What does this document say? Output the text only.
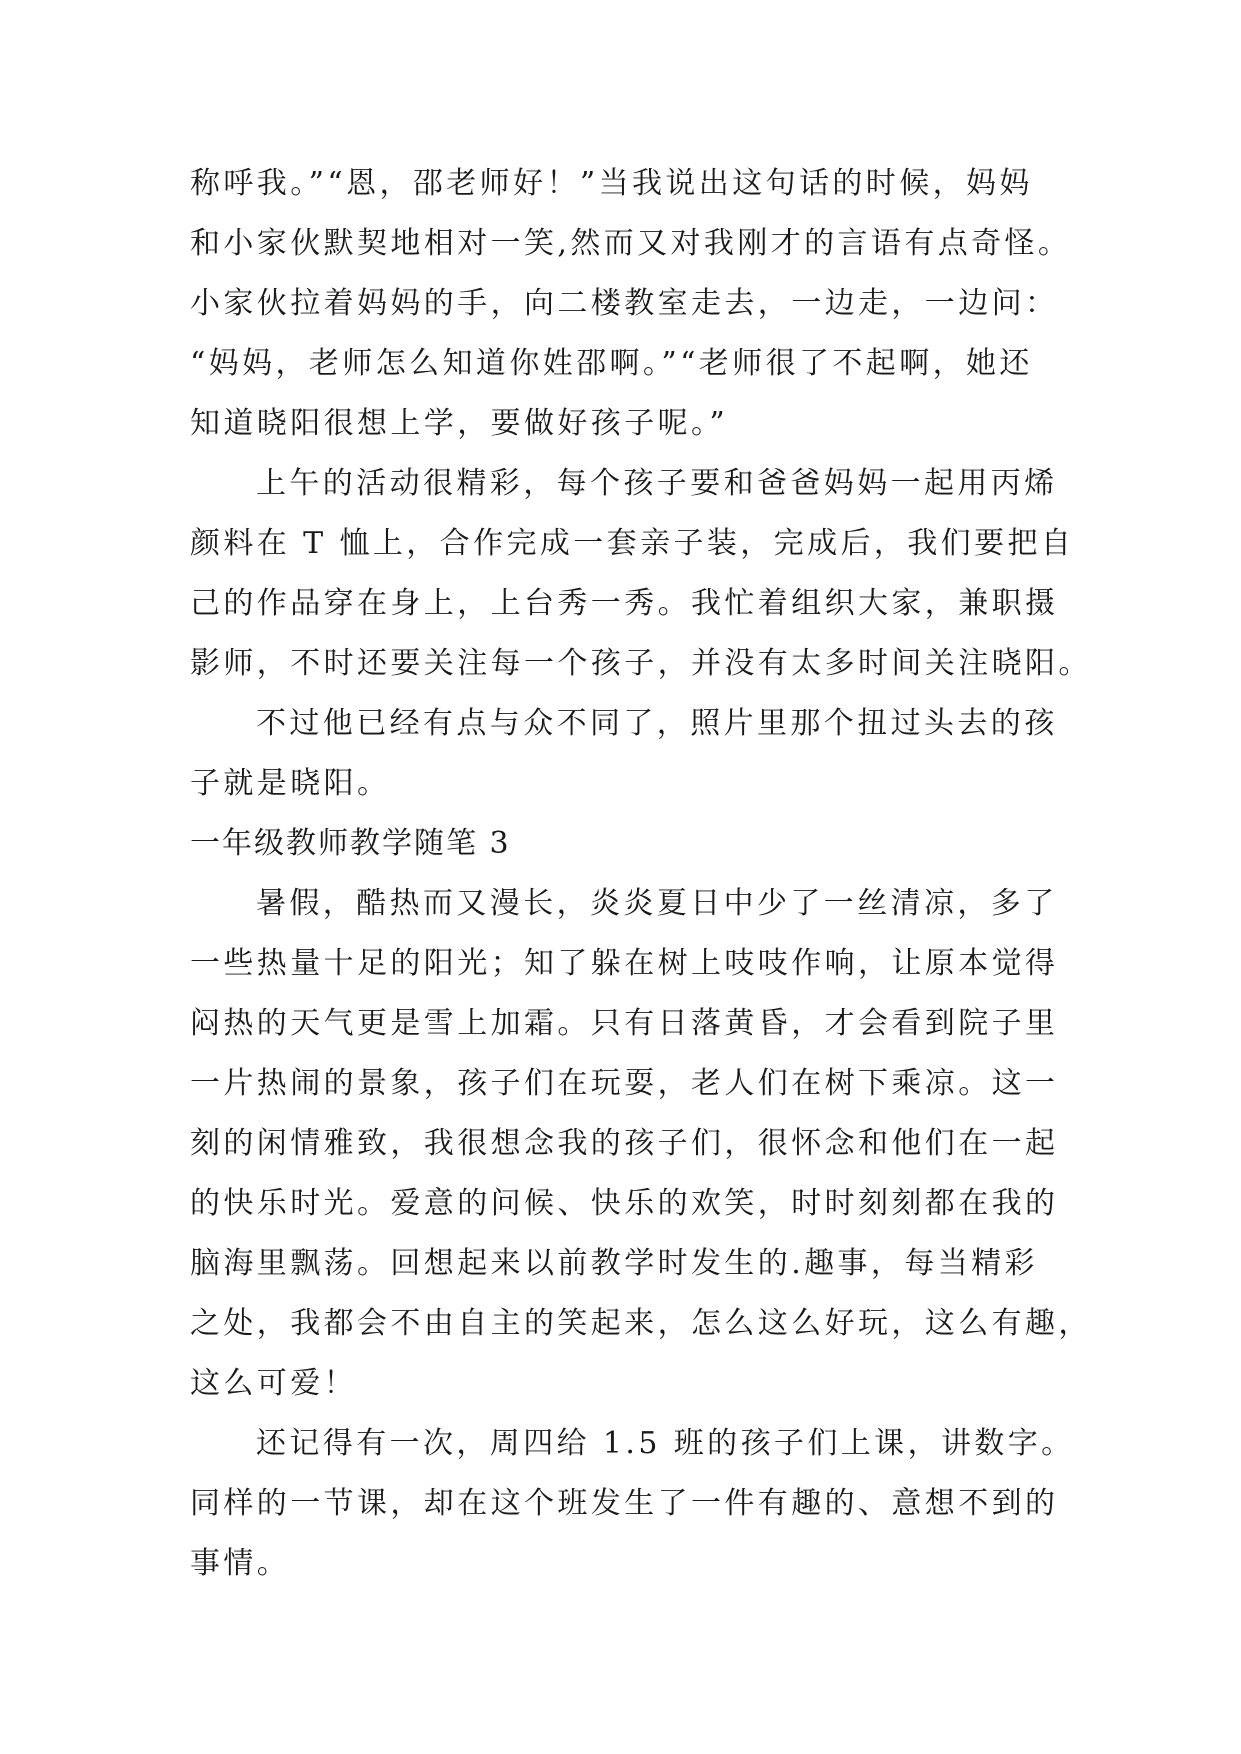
称呼我。”“恩，邵老师好！”当我说出这句话的时候，妈妈
和小家伙默契地相对一笑,然而又对我刚才的言语有点奇怪。
小家伙拉着妈妈的手，向二楼教室走去，一边走，一边问：
“妈妈，老师怎么知道你姓邵啊。”“老师很了不起啊，她还
知道晓阳很想上学，要做好孩子呢。”
上午的活动很精彩，每个孩子要和爸爸妈妈一起用丙烯
颜料在 T 恤上，合作完成一套亲子装，完成后，我们要把自
己的作品穿在身上，上台秀一秀。我忙着组织大家，兼职摄
影师，不时还要关注每一个孩子，并没有太多时间关注晓阳。
不过他已经有点与众不同了，照片里那个扭过头去的孩
子就是晓阳。
一年级教师教学随笔 3
暑假，酷热而又漫长，炎炎夏日中少了一丝清凉，多了
一些热量十足的阳光；知了躲在树上吱吱作响，让原本觉得
闷热的天气更是雪上加霜。只有日落黄昏，才会看到院子里
一片热闹的景象，孩子们在玩耍，老人们在树下乘凉。这一
刻的闲情雅致，我很想念我的孩子们，很怀念和他们在一起
的快乐时光。爱意的问候、快乐的欢笑，时时刻刻都在我的
脑海里飘荡。回想起来以前教学时发生的.趣事，每当精彩
之处，我都会不由自主的笑起来，怎么这么好玩，这么有趣，
这么可爱！
还记得有一次，周四给 1.5 班的孩子们上课，讲数字。
同样的一节课，却在这个班发生了一件有趣的、意想不到的
事情。
